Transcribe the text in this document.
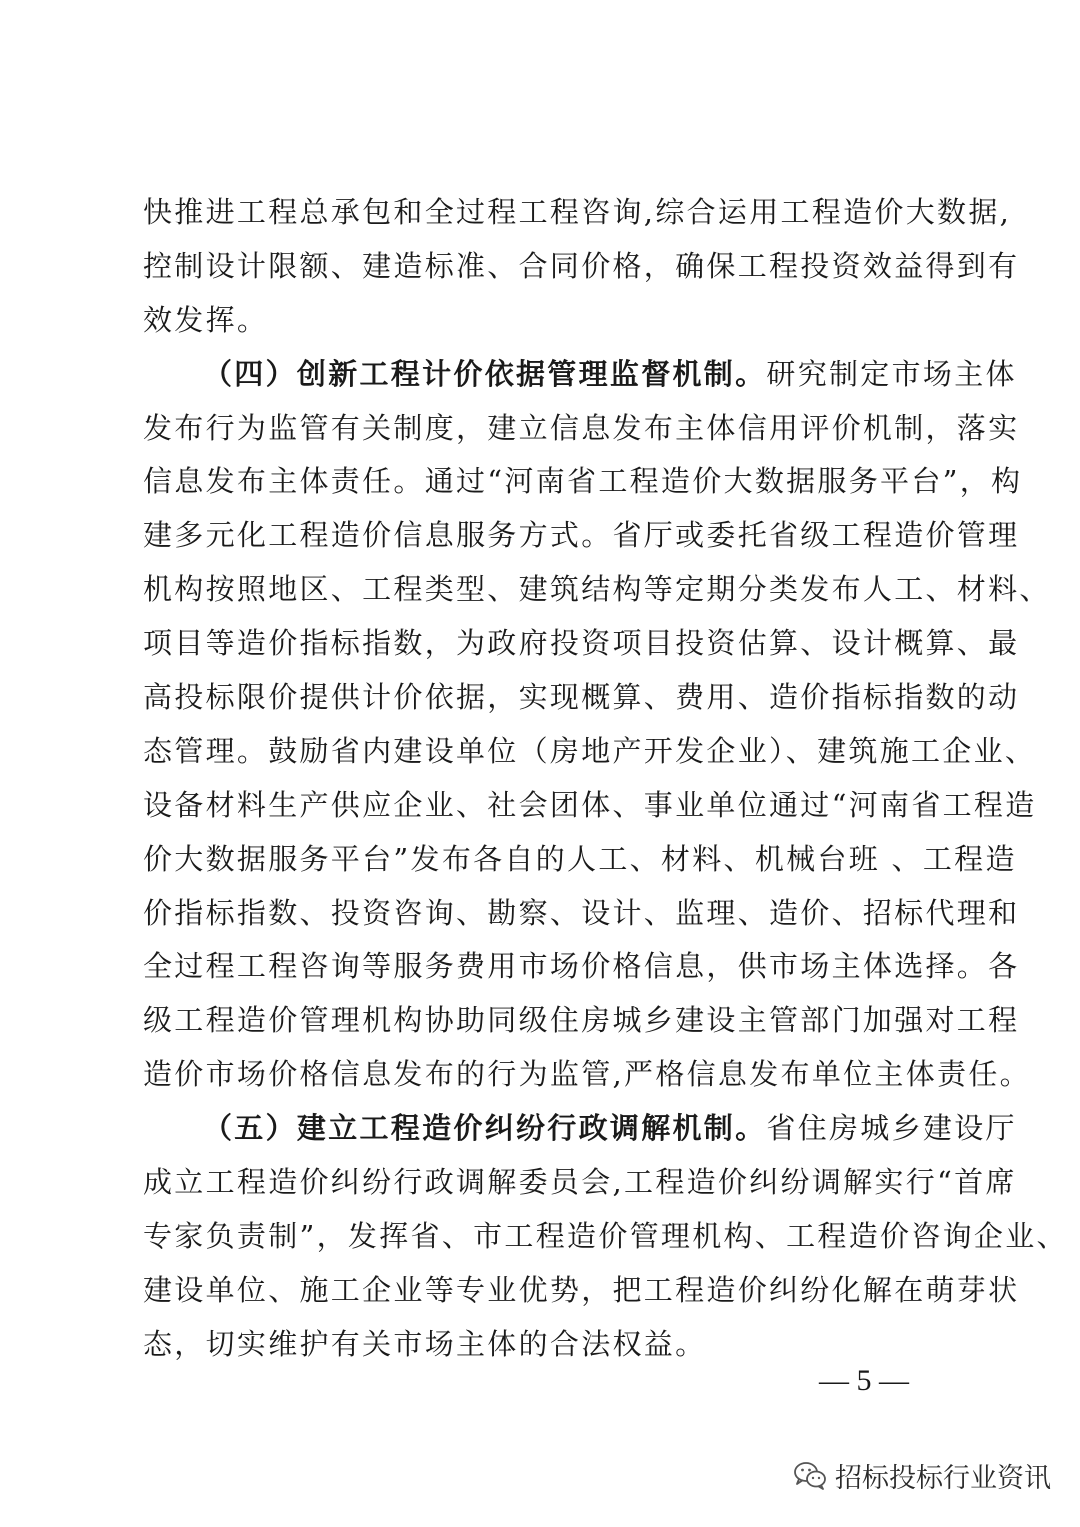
快推进工程总承包和全过程工程咨询,综合运用工程造价大数据,
控制设计限额、建造标准、合同价格，确保工程投资效益得到有
效发挥。
（四）创新工程计价依据管理监督机制。研究制定市场主体
发布行为监管有关制度，建立信息发布主体信用评价机制，落实
信息发布主体责任。通过“河南省工程造价大数据服务平台”，构
建多元化工程造价信息服务方式。省厅或委托省级工程造价管理
机构按照地区、工程类型、建筑结构等定期分类发布人工、材料、
项目等造价指标指数，为政府投资项目投资估算、设计概算、最
高投标限价提供计价依据，实现概算、费用、造价指标指数的动
态管理。鼓励省内建设单位（房地产开发企业）、建筑施工企业、
设备材料生产供应企业、社会团体、事业单位通过“河南省工程造
价大数据服务平台”发布各自的人工、材料、机械台班 、工程造
价指标指数、投资咨询、勘察、设计、监理、造价、招标代理和
全过程工程咨询等服务费用市场价格信息，供市场主体选择。各
级工程造价管理机构协助同级住房城乡建设主管部门加强对工程
造价市场价格信息发布的行为监管,严格信息发布单位主体责任。
（五）建立工程造价纠纷行政调解机制。省住房城乡建设厅
成立工程造价纠纷行政调解委员会,工程造价纠纷调解实行“首席
专家负责制”，发挥省、市工程造价管理机构、工程造价咨询企业、
建设单位、施工企业等专业优势，把工程造价纠纷化解在萌芽状
态，切实维护有关市场主体的合法权益。
— 5 —
招标投标行业资讯
